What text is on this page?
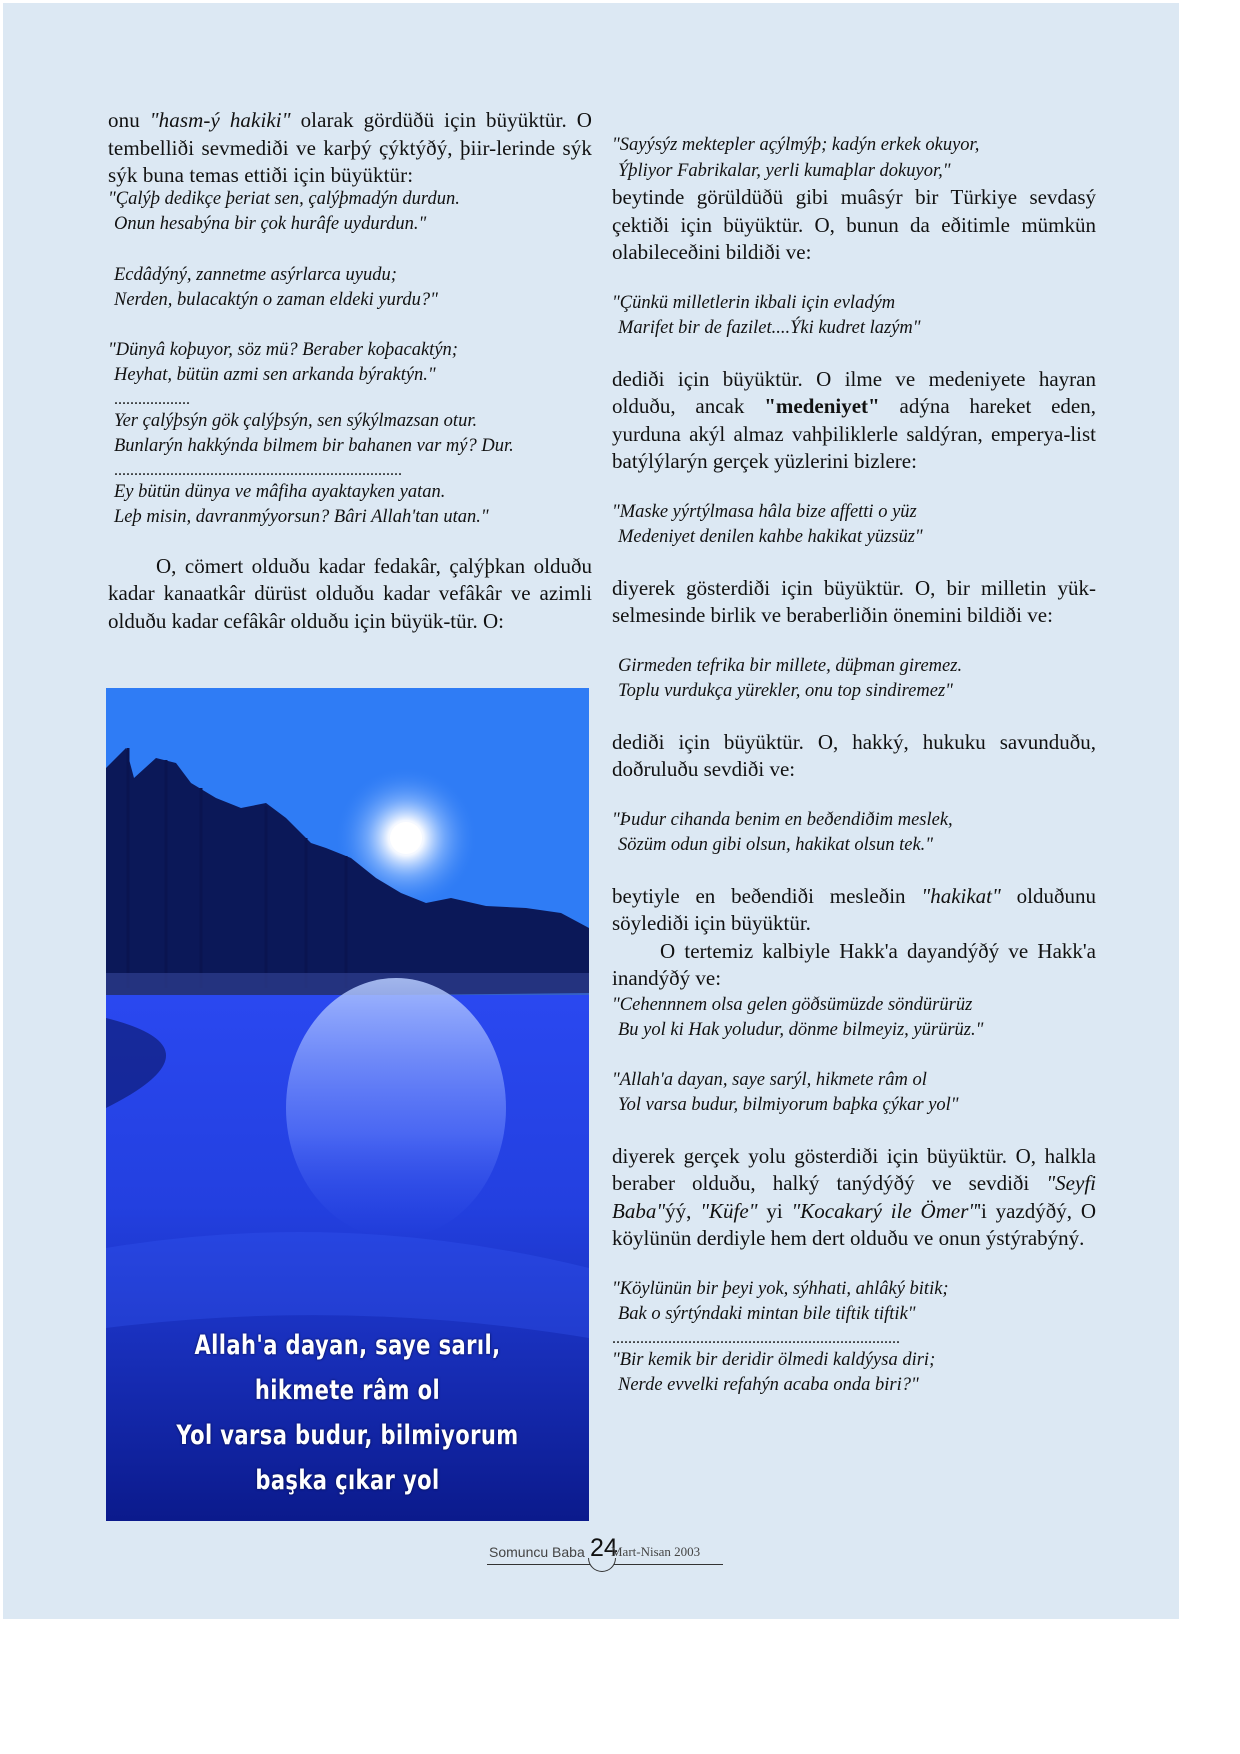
onu "hasm-ý hakiki" olarak gördüðü için büyüktür. O tembelliði sevmediði ve karþý çýktýðý, þiir-lerinde sýk sýk buna temas ettiði için büyüktür:

"Çalýþ dedikçe þeriat sen, çalýþmadýn durdun.
Onun hesabýna bir çok hurâfe uydurdun."
Ecdâdýný, zannetme asýrlarca uyudu;
Nerden, bulacaktýn o zaman eldeki yurdu?"
"Dünyâ koþuyor, söz mü? Beraber koþacaktýn;
Heyhat, bütün azmi sen arkanda býraktýn."
...................
Yer çalýþsýn gök çalýþsýn, sen sýkýlmazsan otur.
Bunlarýn hakkýnda bilmem bir bahanen var mý? Dur.
........................................................................
Ey bütün dünya ve mâfiha ayaktayken yatan.
Leþ misin, davranmýyorsun? Bâri Allah'tan utan."

O, cömert olduðu kadar fedakâr, çalýþkan olduðu kadar kanaatkâr dürüst olduðu kadar vefâkâr ve azimli olduðu kadar cefâkâr olduðu için büyük-tür. O:

Allah'a dayan, saye sarıl, hikmete râm ol
Yol varsa budur, bilmiyorum başka çıkar yol
"Sayýsýz mektepler açýlmýþ; kadýn erkek okuyor,
Ýþliyor Fabrikalar, yerli kumaþlar dokuyor,"

beytinde görüldüðü gibi muâsýr bir Türkiye sevdasý çektiði için büyüktür. O, bunun da eðitimle mümkün olabileceðini bildiði ve:

"Çünkü milletlerin ikbali için evladým
Marifet bir de fazilet....Ýki kudret lazým"

dediði için büyüktür. O ilme ve medeniyete hayran olduðu, ancak "medeniyet" adýna hareket eden, yurduna akýl almaz vahþiliklerle saldýran, emperya-list batýlýlarýn gerçek yüzlerini bizlere:

"Maske yýrtýlmasa hâla bize affetti o yüz
Medeniyet denilen kahbe hakikat yüzsüz"

diyerek gösterdiði için büyüktür. O, bir milletin yük-selmesinde birlik ve beraberliðin önemini bildiði ve:

Girmeden tefrika bir millete, düþman giremez.
Toplu vurdukça yürekler, onu top sindiremez"

dediði için büyüktür. O, hakký, hukuku savunduðu, doðruluðu sevdiði ve:

"Þudur cihanda benim en beðendiðim meslek,
Sözüm odun gibi olsun, hakikat olsun tek."

beytiyle en beðendiði mesleðin "hakikat" olduðunu söylediði için büyüktür.

O tertemiz kalbiyle Hakk'a dayandýðý ve Hakk'a inandýðý ve:

"Cehennnem olsa gelen göðsümüzde söndürürüz
Bu yol ki Hak yoludur, dönme bilmeyiz, yürürüz."
"Allah'a dayan, saye sarýl, hikmete râm ol
Yol varsa budur, bilmiyorum baþka çýkar yol"

diyerek gerçek yolu gösterdiði için büyüktür. O, halkla beraber olduðu, halký tanýdýðý ve sevdiði "Seyfi Baba"ýý, "Küfe" yi "Kocakarý ile Ömer"'i yazdýðý, O köylünün derdiyle hem dert olduðu ve onun ýstýrabýný.

"Köylünün bir þeyi yok, sýhhati, ahlâký bitik;
Bak o sýrtýndaki mintan bile tiftik tiftik"
........................................................................
"Bir kemik bir deridir ölmedi kaldýysa diri;
Nerde evvelki refahýn acaba onda biri?"
Somuncu Baba 24
Mart-Nisan 2003
